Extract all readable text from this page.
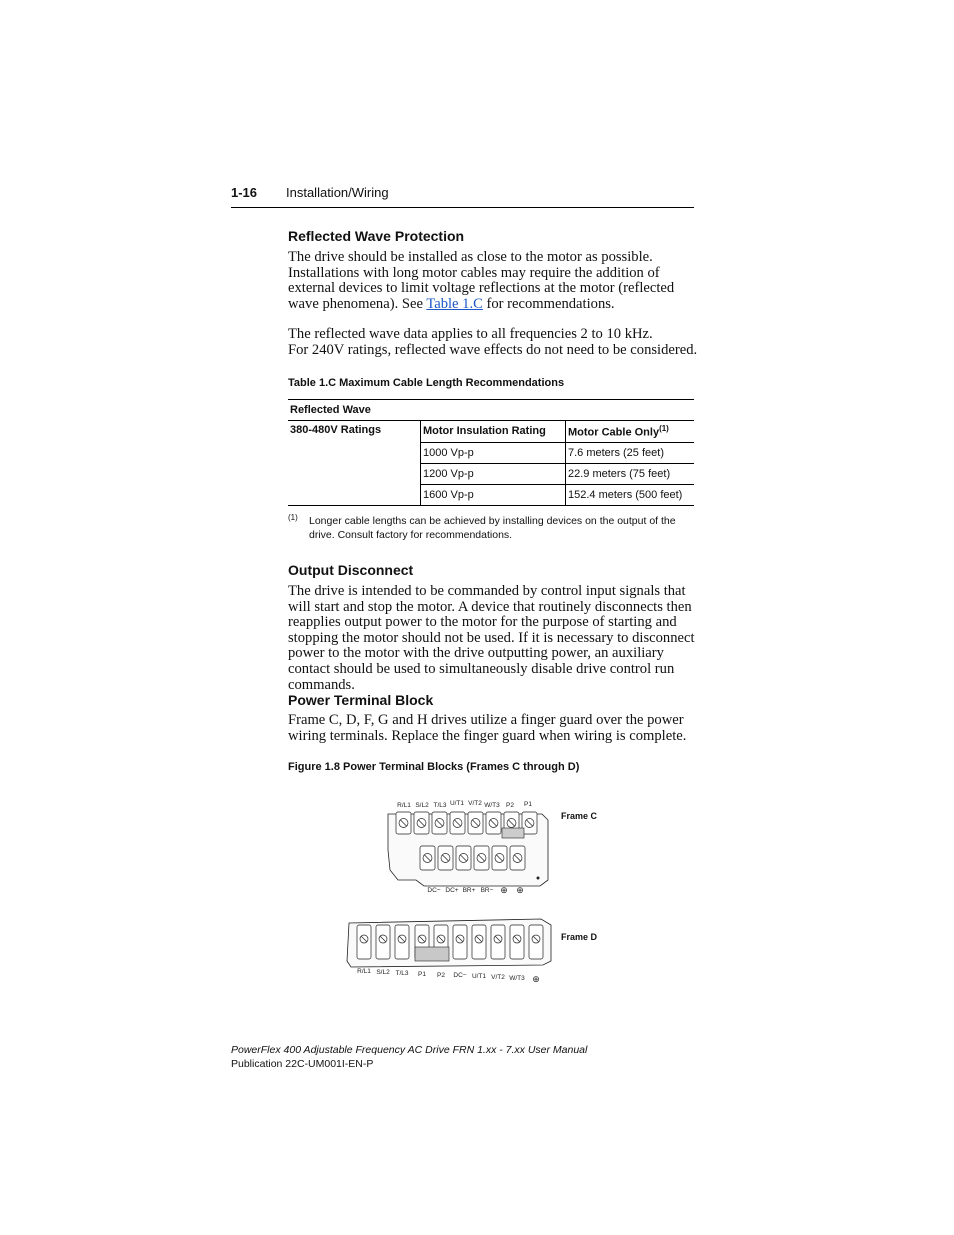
1-16 Installation/Wiring
Reflected Wave Protection
The drive should be installed as close to the motor as possible. Installations with long motor cables may require the addition of external devices to limit voltage reflections at the motor (reflected wave phenomena). See Table 1.C for recommendations.
The reflected wave data applies to all frequencies 2 to 10 kHz.
For 240V ratings, reflected wave effects do not need to be considered.
Table 1.C Maximum Cable Length Recommendations
Reflected Wave		
380-480V Ratings	Motor Insulation Rating	Motor Cable Only$^{(1)}$
	1000 Vp-p	7.6 meters (25 feet)
	1200 Vp-p	22.9 meters (75 feet)
	1600 Vp-p	152.4 meters (500 feet)
(1) Longer cable lengths can be achieved by installing devices on the output of the drive. Consult factory for recommendations.
Output Disconnect
The drive is intended to be commanded by control input signals that will start and stop the motor. A device that routinely disconnects then reapplies output power to the motor for the purpose of starting and stopping the motor should not be used. If it is necessary to disconnect power to the motor with the drive outputting power, an auxiliary contact should be used to simultaneously disable drive control run commands.
Power Terminal Block
Frame C, D, F, G and H drives utilize a finger guard over the power wiring terminals. Replace the finger guard when wiring is complete.
Figure 1.8 Power Terminal Blocks (Frames C through D)
R/L1 S/L2 T/L3 U/T1 V/T2 W/T3 P2 P1
DC− DC+ BR+ BR− ⊕ ⊕
Frame C
R/L1 S/L2 T/L3 P1 P2 DC− U/T1 V/T2 W/T3 ⊕
Frame D
PowerFlex 400 Adjustable Frequency AC Drive FRN 1.xx - 7.xx User Manual
Publication 22C-UM001I-EN-P
